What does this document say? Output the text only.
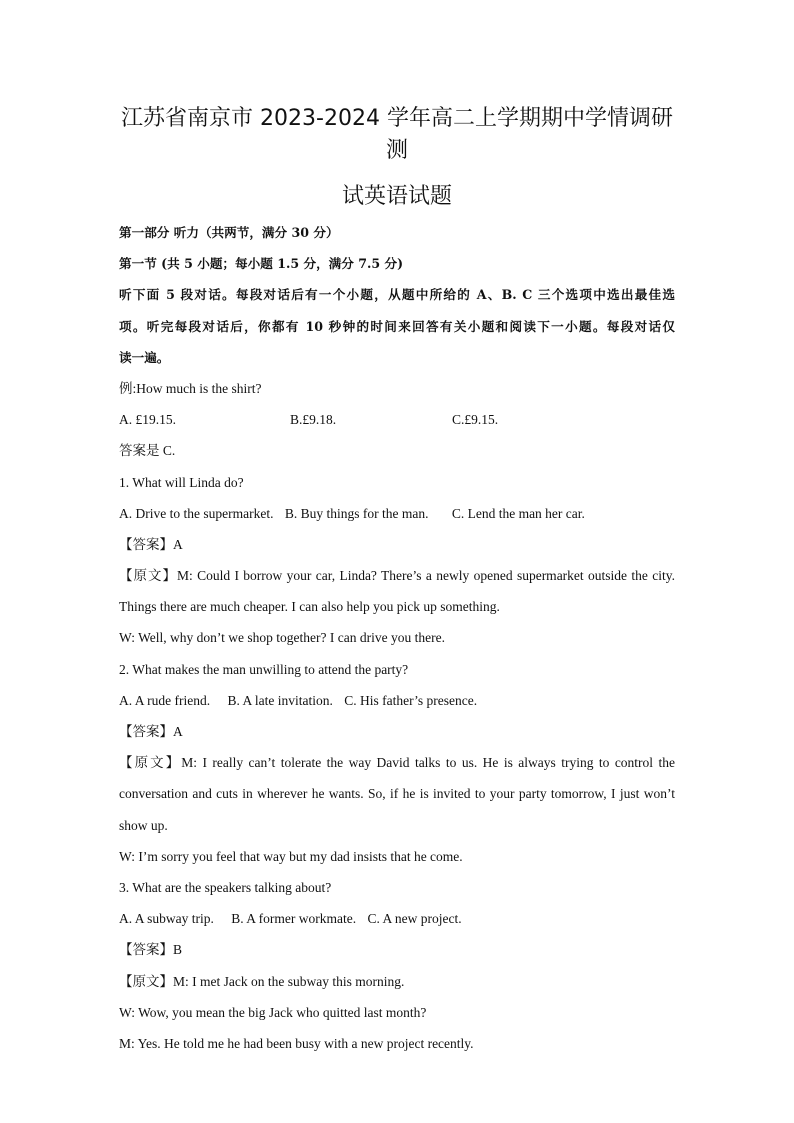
江苏省南京市 2023-2024 学年高二上学期期中学情调研测
试英语试题
第一部分 听力（共两节，满分 30 分）
第一节 (共 5 小题；每小题 1.5 分，满分 7.5 分)
听下面 5 段对话。每段对话后有一个小题，从题中所给的 A、B. C 三个选项中选出最佳选
项。听完每段对话后，你都有 10 秒钟的时间来回答有关小题和阅读下一小题。每段对话仅
读一遍。
例:How much is the shirt?
A. £19.15.	B.£9.18.	C.£9.15.
答案是 C.
1. What will Linda do?
A. Drive to the supermarket. B. Buy things for the man. C. Lend the man her car.
【答案】A
【原文】M: Could I borrow your car, Linda? There’s a newly opened supermarket outside the city.
Things there are much cheaper. I can also help you pick up something.
W: Well, why don’t we shop together? I can drive you there.
2. What makes the man unwilling to attend the party?
A. A rude friend. B. A late invitation. C. His father’s presence.
【答案】A
【原文】M: I really can’t tolerate the way David talks to us. He is always trying to control the
conversation and cuts in wherever he wants. So, if he is invited to your party tomorrow, I just won’t
show up.
W: I’m sorry you feel that way but my dad insists that he come.
3. What are the speakers talking about?
A. A subway trip. B. A former workmate. C. A new project.
【答案】B
【原文】M: I met Jack on the subway this morning.
W: Wow, you mean the big Jack who quitted last month?
M: Yes. He told me he had been busy with a new project recently.
